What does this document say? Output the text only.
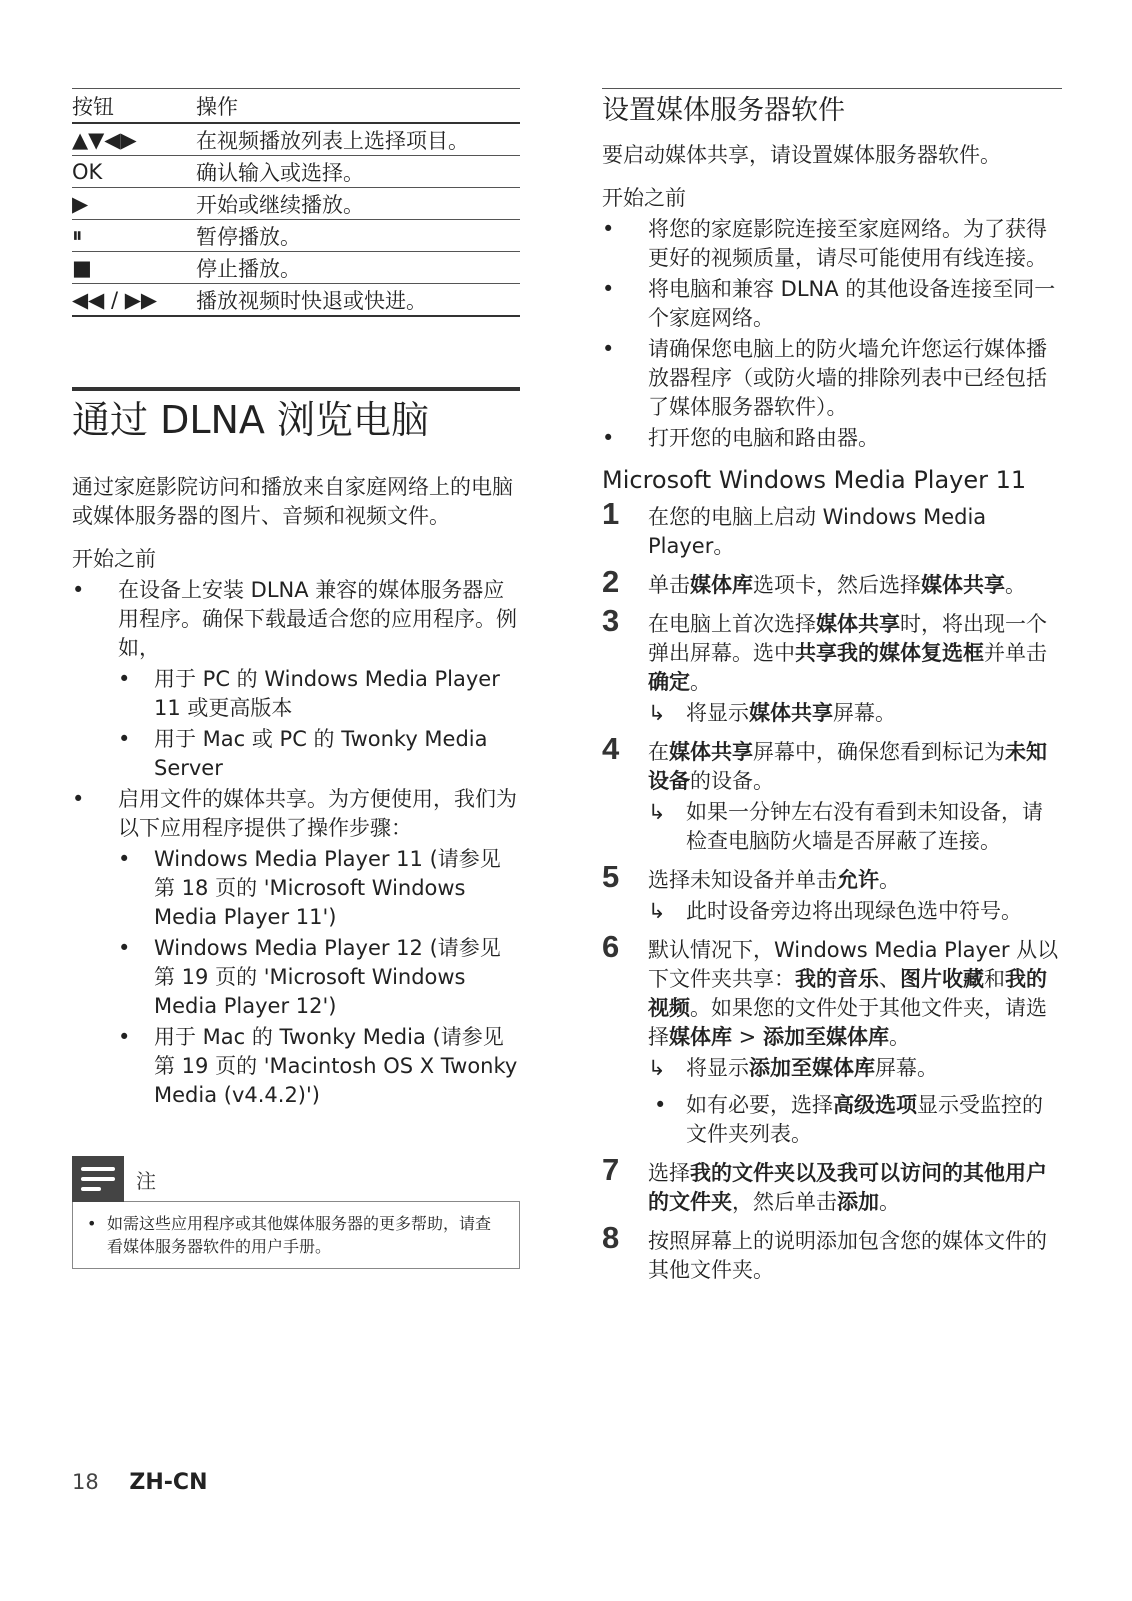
按钮	操作
▲▼◀▶	在视频播放列表上选择项目。
OK	确认输入或选择。
▶	开始或继续播放。
⏸	暂停播放。
■	停止播放。
◀◀ / ▶▶	播放视频时快退或快进。
通过 DLNA 浏览电脑

通过家庭影院访问和播放来自家庭网络上的电脑或媒体服务器的图片、音频和视频文件。

开始之前

• 在设备上安装 DLNA 兼容的媒体服务器应用程序。确保下载最适合您的应用程序。例如，
• 用于 PC 的 Windows Media Player 11 或更高版本
• 用于 Mac 或 PC 的 Twonky Media Server
• 启用文件的媒体共享。为方便使用，我们为以下应用程序提供了操作步骤：
• Windows Media Player 11 (请参见第 18 页的 'Microsoft Windows Media Player 11')
• Windows Media Player 12 (请参见第 19 页的 'Microsoft Windows Media Player 12')
• 用于 Mac 的 Twonky Media (请参见第 19 页的 'Macintosh OS X Twonky Media (v4.4.2)')
注
• 如需这些应用程序或其他媒体服务器的更多帮助，请查看媒体服务器软件的用户手册。
设置媒体服务器软件

要启动媒体共享，请设置媒体服务器软件。

开始之前

• 将您的家庭影院连接至家庭网络。为了获得更好的视频质量，请尽可能使用有线连接。
• 将电脑和兼容 DLNA 的其他设备连接至同一个家庭网络。
• 请确保您电脑上的防火墙允许您运行媒体播放器程序（或防火墙的排除列表中已经包括了媒体服务器软件）。
• 打开您的电脑和路由器。
Microsoft Windows Media Player 11
1 在您的电脑上启动 Windows Media Player。
2 单击媒体库选项卡，然后选择媒体共享。
3 在电脑上首次选择媒体共享时，将出现一个弹出屏幕。选中共享我的媒体复选框并单击确定。
↳ 将显示媒体共享屏幕。
4 在媒体共享屏幕中，确保您看到标记为未知设备的设备。
↳ 如果一分钟左右没有看到未知设备，请检查电脑防火墙是否屏蔽了连接。
5 选择未知设备并单击允许。
↳ 此时设备旁边将出现绿色选中符号。
6 默认情况下，Windows Media Player 从以下文件夹共享：我的音乐、图片收藏和我的视频。如果您的文件处于其他文件夹，请选择媒体库 > 添加至媒体库。
↳ 将显示添加至媒体库屏幕。
• 如有必要，选择高级选项显示受监控的文件夹列表。
7 选择我的文件夹以及我可以访问的其他用户的文件夹，然后单击添加。
8 按照屏幕上的说明添加包含您的媒体文件的其他文件夹。
18 ZH-CN
